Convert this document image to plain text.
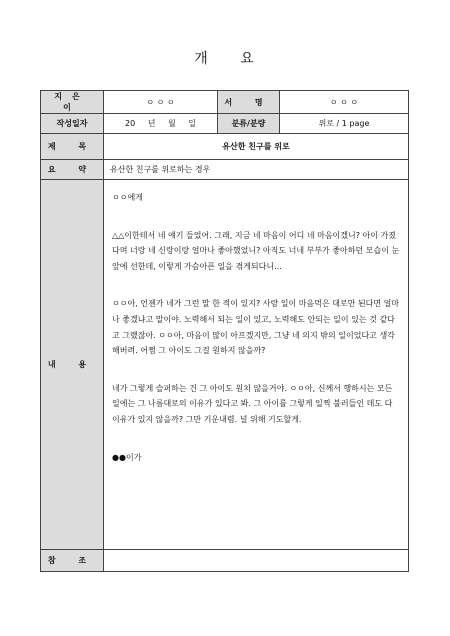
개 요
지은이	ㅇ ㅇ ㅇ	서 명	ㅇ ㅇ ㅇ
작성일자	20 년 월 일	분류/분량	위로 / 1 page
제 목	유산한 친구를 위로		
요 약	유산한 친구를 위로하는 경우		
내 용	ㅇㅇ에게

△△이한테서 네 얘기 들었어. 그래, 지금 네 마음이 어디 네 마음이겠니? 아이 가졌다며 너랑 네 신랑이랑 얼마나 좋아했었니? 아직도 너네 부부가 좋아하던 모습이 눈앞에 선한데, 이렇게 가슴아픈 일을 겪게되다니...

ㅇㅇ아, 언젠가 네가 그런 말 한 적이 있지? 사람 일이 마음먹은 대로만 된다면 얼마나 좋겠냐고 말이야. 노력해서 되는 일이 있고, 노력해도 안되는 일이 있는 것 같다고 그랬잖아. ㅇㅇ아, 마음이 많이 아프겠지만, 그냥 네 의지 밖의 일이었다고 생각해버려. 어쩜 그 아이도 그걸 원하지 않을까?

네가 그렇게 슬퍼하는 건 그 아이도 원치 않을거야. ㅇㅇ아, 신께서 행하시는 모든 일에는 그 나름대로의 이유가 있다고 봐. 그 아이를 그렇게 일찍 불러들인 데도 다 이유가 있지 않을까? 그만 기운내렴. 널 위해 기도할게.

●●이가		

참 조			
